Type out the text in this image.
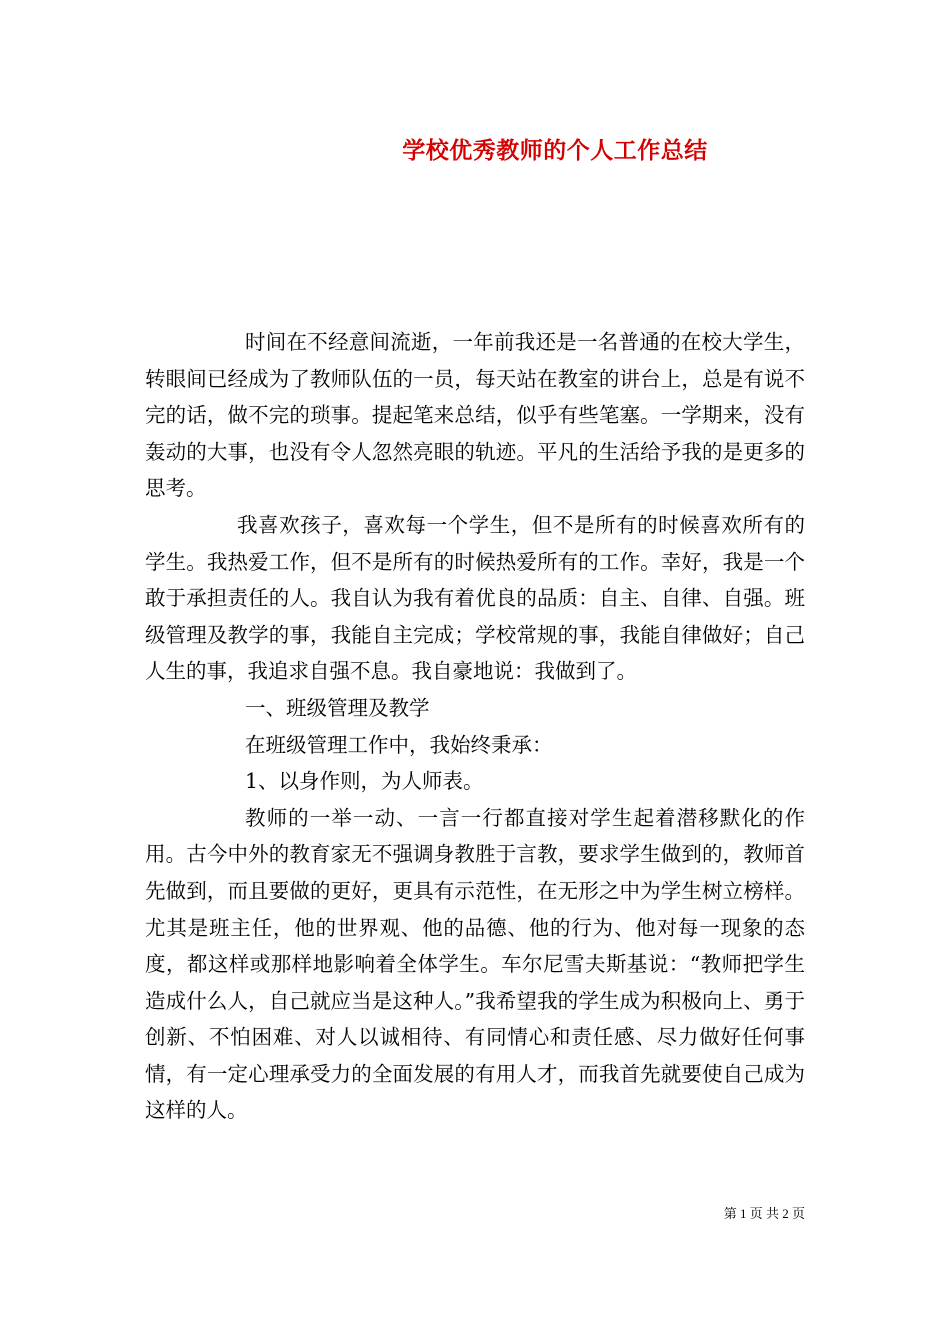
学校优秀教师的个人工作总结

时间在不经意间流逝，一年前我还是一名普通的在校大学生，转眼间已经成为了教师队伍的一员，每天站在教室的讲台上，总是有说不完的话，做不完的琐事。提起笔来总结，似乎有些笔塞。一学期来，没有轰动的大事，也没有令人忽然亮眼的轨迹。平凡的生活给予我的是更多的思考。

我喜欢孩子，喜欢每一个学生，但不是所有的时候喜欢所有的学生。我热爱工作，但不是所有的时候热爱所有的工作。幸好，我是一个敢于承担责任的人。我自认为我有着优良的品质：自主、自律、自强。班级管理及教学的事，我能自主完成；学校常规的事，我能自律做好；自己人生的事，我追求自强不息。我自豪地说：我做到了。

一、班级管理及教学

在班级管理工作中，我始终秉承：

1、以身作则，为人师表。

教师的一举一动、一言一行都直接对学生起着潜移默化的作用。古今中外的教育家无不强调身教胜于言教，要求学生做到的，教师首先做到，而且要做的更好，更具有示范性，在无形之中为学生树立榜样。尤其是班主任，他的世界观、他的品德、他的行为、他对每一现象的态度，都这样或那样地影响着全体学生。车尔尼雪夫斯基说：“教师把学生造成什么人，自己就应当是这种人。”我希望我的学生成为积极向上、勇于创新、不怕困难、对人以诚相待、有同情心和责任感、尽力做好任何事情，有一定心理承受力的全面发展的有用人才，而我首先就要使自己成为这样的人。

第 1 页 共 2 页
